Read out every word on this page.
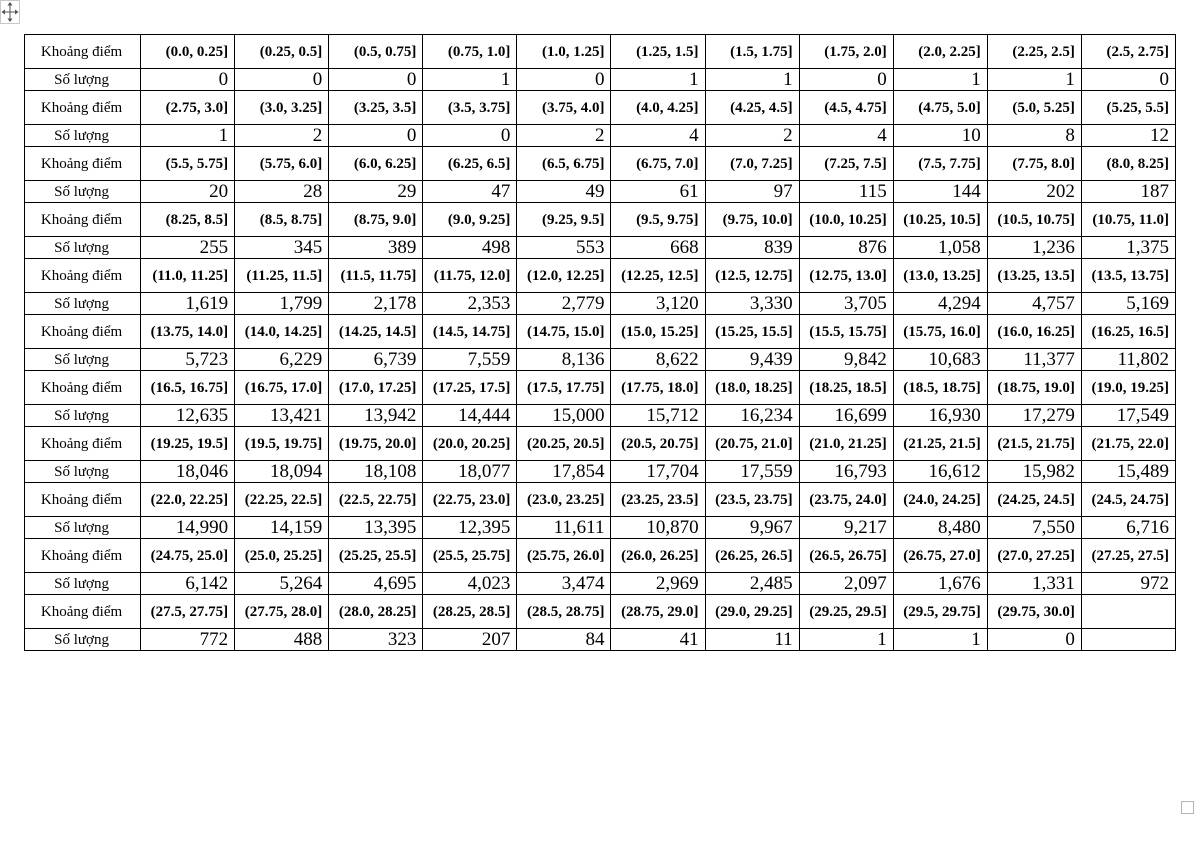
Khoảng điểm	(0.0, 0.25]	(0.25, 0.5]	(0.5, 0.75]	(0.75, 1.0]	(1.0, 1.25]	(1.25, 1.5]	(1.5, 1.75]	(1.75, 2.0]	(2.0, 2.25]	(2.25, 2.5]	(2.5, 2.75]
Số lượng	0	0	0	1	0	1	1	0	1	1	0
Khoảng điểm	(2.75, 3.0]	(3.0, 3.25]	(3.25, 3.5]	(3.5, 3.75]	(3.75, 4.0]	(4.0, 4.25]	(4.25, 4.5]	(4.5, 4.75]	(4.75, 5.0]	(5.0, 5.25]	(5.25, 5.5]
Số lượng	1	2	0	0	2	4	2	4	10	8	12
Khoảng điểm	(5.5, 5.75]	(5.75, 6.0]	(6.0, 6.25]	(6.25, 6.5]	(6.5, 6.75]	(6.75, 7.0]	(7.0, 7.25]	(7.25, 7.5]	(7.5, 7.75]	(7.75, 8.0]	(8.0, 8.25]
Số lượng	20	28	29	47	49	61	97	115	144	202	187
Khoảng điểm	(8.25, 8.5]	(8.5, 8.75]	(8.75, 9.0]	(9.0, 9.25]	(9.25, 9.5]	(9.5, 9.75]	(9.75, 10.0]	(10.0, 10.25]	(10.25, 10.5]	(10.5, 10.75]	(10.75, 11.0]
Số lượng	255	345	389	498	553	668	839	876	1,058	1,236	1,375
Khoảng điểm	(11.0, 11.25]	(11.25, 11.5]	(11.5, 11.75]	(11.75, 12.0]	(12.0, 12.25]	(12.25, 12.5]	(12.5, 12.75]	(12.75, 13.0]	(13.0, 13.25]	(13.25, 13.5]	(13.5, 13.75]
Số lượng	1,619	1,799	2,178	2,353	2,779	3,120	3,330	3,705	4,294	4,757	5,169
Khoảng điểm	(13.75, 14.0]	(14.0, 14.25]	(14.25, 14.5]	(14.5, 14.75]	(14.75, 15.0]	(15.0, 15.25]	(15.25, 15.5]	(15.5, 15.75]	(15.75, 16.0]	(16.0, 16.25]	(16.25, 16.5]
Số lượng	5,723	6,229	6,739	7,559	8,136	8,622	9,439	9,842	10,683	11,377	11,802
Khoảng điểm	(16.5, 16.75]	(16.75, 17.0]	(17.0, 17.25]	(17.25, 17.5]	(17.5, 17.75]	(17.75, 18.0]	(18.0, 18.25]	(18.25, 18.5]	(18.5, 18.75]	(18.75, 19.0]	(19.0, 19.25]
Số lượng	12,635	13,421	13,942	14,444	15,000	15,712	16,234	16,699	16,930	17,279	17,549
Khoảng điểm	(19.25, 19.5]	(19.5, 19.75]	(19.75, 20.0]	(20.0, 20.25]	(20.25, 20.5]	(20.5, 20.75]	(20.75, 21.0]	(21.0, 21.25]	(21.25, 21.5]	(21.5, 21.75]	(21.75, 22.0]
Số lượng	18,046	18,094	18,108	18,077	17,854	17,704	17,559	16,793	16,612	15,982	15,489
Khoảng điểm	(22.0, 22.25]	(22.25, 22.5]	(22.5, 22.75]	(22.75, 23.0]	(23.0, 23.25]	(23.25, 23.5]	(23.5, 23.75]	(23.75, 24.0]	(24.0, 24.25]	(24.25, 24.5]	(24.5, 24.75]
Số lượng	14,990	14,159	13,395	12,395	11,611	10,870	9,967	9,217	8,480	7,550	6,716
Khoảng điểm	(24.75, 25.0]	(25.0, 25.25]	(25.25, 25.5]	(25.5, 25.75]	(25.75, 26.0]	(26.0, 26.25]	(26.25, 26.5]	(26.5, 26.75]	(26.75, 27.0]	(27.0, 27.25]	(27.25, 27.5]
Số lượng	6,142	5,264	4,695	4,023	3,474	2,969	2,485	2,097	1,676	1,331	972
Khoảng điểm	(27.5, 27.75]	(27.75, 28.0]	(28.0, 28.25]	(28.25, 28.5]	(28.5, 28.75]	(28.75, 29.0]	(29.0, 29.25]	(29.25, 29.5]	(29.5, 29.75]	(29.75, 30.0]	
Số lượng	772	488	323	207	84	41	11	1	1	0	
